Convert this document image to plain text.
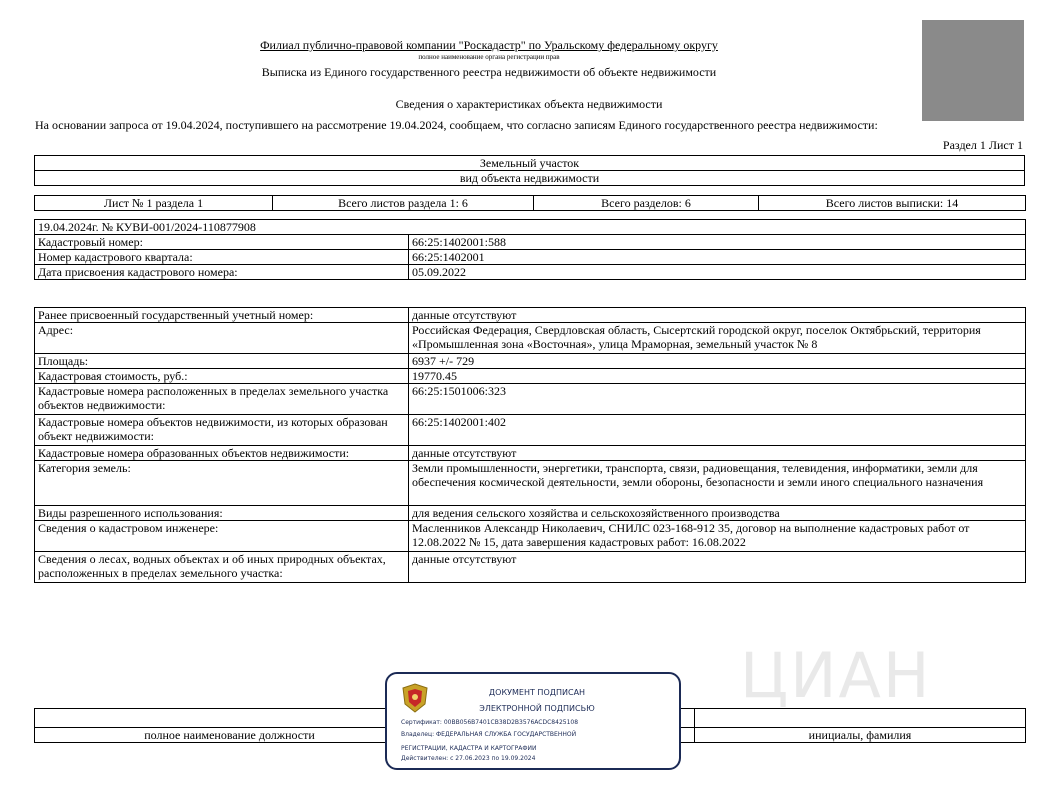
Филиал публично-правовой компании "Роскадастр" по Уральскому федеральному округу
полное наименование органа регистрации прав
Выписка из Единого государственного реестра недвижимости об объекте недвижимости
Сведения о характеристиках объекта недвижимости
На основании запроса от 19.04.2024, поступившего на рассмотрение 19.04.2024, сообщаем, что согласно записям Единого государственного реестра недвижимости:
Раздел 1 Лист 1
Земельный участок
вид объекта недвижимости
Лист № 1 раздела 1	Всего листов раздела 1: 6	Всего разделов: 6	Всего листов выписки: 14
19.04.2024г. № КУВИ-001/2024-110877908	
Кадастровый номер:	66:25:1402001:588
Номер кадастрового квартала:	66:25:1402001
Дата присвоения кадастрового номера:	05.09.2022
Ранее присвоенный государственный учетный номер:	данные отсутствуют
Адрес:	Российская Федерация, Свердловская область, Сысертский городской округ, поселок Октябрьский, территория «Промышленная зона «Восточная», улица Мраморная, земельный участок № 8
Площадь:	6937 +/- 729
Кадастровая стоимость, руб.:	19770.45
Кадастровые номера расположенных в пределах земельного участка объектов недвижимости:	66:25:1501006:323
Кадастровые номера объектов недвижимости, из которых образован объект недвижимости:	66:25:1402001:402
Кадастровые номера образованных объектов недвижимости:	данные отсутствуют
Категория земель:	Земли промышленности, энергетики, транспорта, связи, радиовещания, телевидения, информатики, земли для обеспечения космической деятельности, земли обороны, безопасности и земли иного специального назначения
Виды разрешенного использования:	для ведения сельского хозяйства и сельскохозяйственного производства
Сведения о кадастровом инженере:	Масленников Александр Николаевич, СНИЛС 023-168-912 35, договор на выполнение кадастровых работ от 12.08.2022 № 15, дата завершения кадастровых работ: 16.08.2022
Сведения о лесах, водных объектах и об иных природных объектах, расположенных в пределах земельного участка:	данные отсутствуют
ЦИАН

полное наименование должности		инициалы, фамилия
ДОКУМЕНТ ПОДПИСАН
ЭЛЕКТРОННОЙ ПОДПИСЬЮ
Сертификат: 00BB056B7401CB38D2B3576ACDC8425108
Владелец: ФЕДЕРАЛЬНАЯ СЛУЖБА ГОСУДАРСТВЕННОЙ
РЕГИСТРАЦИИ, КАДАСТРА И КАРТОГРАФИИ
Действителен: с 27.06.2023 по 19.09.2024
